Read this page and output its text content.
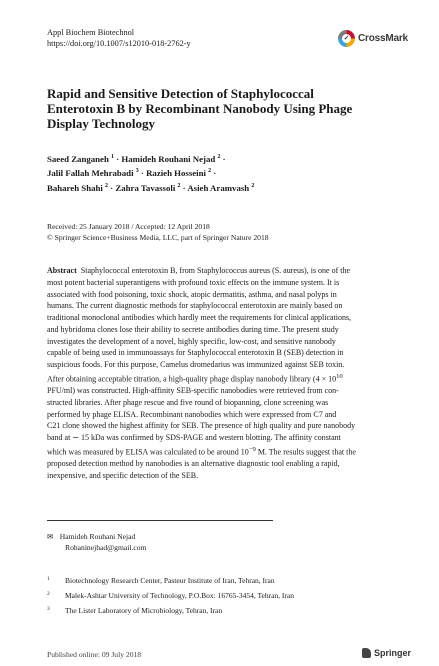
Appl Biochem Biotechnol
https://doi.org/10.1007/s12010-018-2762-y
✓ CrossMark
Rapid and Sensitive Detection of Staphylococcal Enterotoxin B by Recombinant Nanobody Using Phage Display Technology
Saeed Zanganeh $^1$ · Hamideh Rouhani Nejad $^2$ ·
Jalil Fallah Mehrabadi $^3$ · Razieh Hosseini $^2$ ·
Bahareh Shahi $^2$ · Zahra Tavassoli $^2$ · Asieh Aramvash $^2$
Received: 25 January 2018 / Accepted: 12 April 2018
© Springer Science+Business Media, LLC, part of Springer Nature 2018
Abstract Staphylococcal enterotoxin B, from Staphylococcus aureus (S. aureus), is one of the
most potent bacterial superantigens with profound toxic effects on the immune system. It is
associated with food poisoning, toxic shock, atopic dermatitis, asthma, and nasal polyps in
humans. The current diagnostic methods for staphylococcal enterotoxin are mainly based on
traditional monoclonal antibodies which hardly meet the requirements for clinical applications,
and hybridoma clones lose their ability to secrete antibodies during time. The present study
investigates the development of a novel, highly specific, low-cost, and sensitive nanobody
capable of being used in immunoassays for Staphylococcal enterotoxin B (SEB) detection in
suspicious foods. For this purpose, Camelus dromedarius was immunized against SEB toxin.
After obtaining acceptable titration, a high-quality phage display nanobody library ($4 \times 10^{10}$
PFU/ml) was constructed. High-affinity SEB-specific nanobodies were retrieved from con-
structed libraries. After phage rescue and five round of biopanning, clone screening was
performed by phage ELISA. Recombinant nanobodies which were expressed from C7 and
C21 clone showed the highest affinity for SEB. The presence of high quality and pure nanobody
band at ∼ 15 kDa was confirmed by SDS-PAGE and western blotting. The affinity constant
which was measured by ELISA was calculated to be around $10^{-9}$ M. The results suggest that the
proposed detection method by nanobodies is an alternative diagnostic tool enabling a rapid,
inexpensive, and specific detection of the SEB.
✉ Hamideh Rouhani Nejad
Rohaninejhad@gmail.com
1	Biotechnology Research Center, Pasteur Institute of Iran, Tehran, Iran
2	Malek-Ashtar University of Technology, P.O.Box: 16765-3454, Tehran, Iran
3	The Lister Laboratory of Microbiology, Tehran, Iran
Published online: 09 July 2018	Springer
